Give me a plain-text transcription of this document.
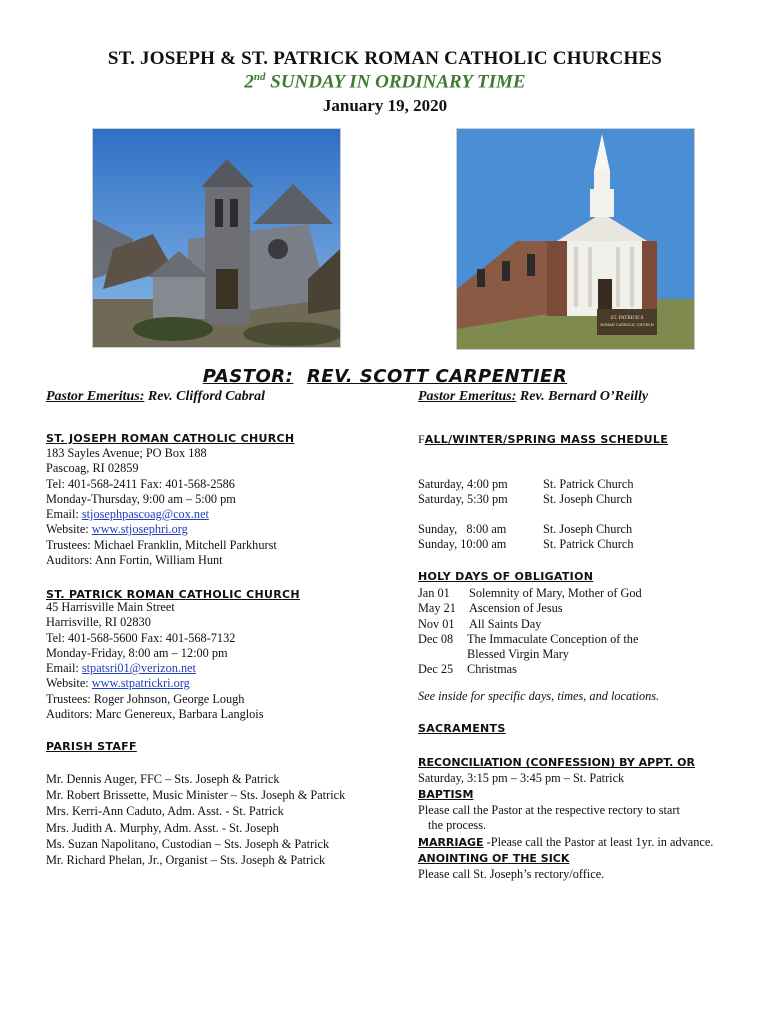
ST. JOSEPH & ST. PATRICK ROMAN CATHOLIC CHURCHES
2nd SUNDAY IN ORDINARY TIME
January 19, 2020
ST. PATRICK'S
ROMAN CATHOLIC CHURCH
PASTOR: REV. SCOTT CARPENTIER
Pastor Emeritus: Rev. Clifford Cabral	Pastor Emeritus: Rev. Bernard O’Reilly
ST. JOSEPH ROMAN CATHOLIC CHURCH
183 Sayles Avenue; PO Box 188
Pascoag, RI 02859
Tel: 401-568-2411 Fax: 401-568-2586
Monday-Thursday, 9:00 am – 5:00 pm
Email: stjosephpascoag@cox.net
Website: www.stjosephri.org
Trustees: Michael Franklin, Mitchell Parkhurst
Auditors: Ann Fortin, William Hunt
ST. PATRICK ROMAN CATHOLIC CHURCH
45 Harrisville Main Street
Harrisville, RI 02830
Tel: 401-568-5600 Fax: 401-568-7132
Monday-Friday, 8:00 am – 12:00 pm
Email: stpatsri01@verizon.net
Website: www.stpatrickri.org
Trustees: Roger Johnson, George Lough
Auditors: Marc Genereux, Barbara Langlois
PARISH STAFF
Mr. Dennis Auger, FFC – Sts. Joseph & Patrick
Mr. Robert Brissette, Music Minister – Sts. Joseph & Patrick
Mrs. Kerri-Ann Caduto, Adm. Asst. - St. Patrick
Mrs. Judith A. Murphy, Adm. Asst. - St. Joseph
Ms. Suzan Napolitano, Custodian – Sts. Joseph & Patrick
Mr. Richard Phelan, Jr., Organist – Sts. Joseph & Patrick
FALL/WINTER/SPRING MASS SCHEDULE
Saturday, 4:00 pm	St. Patrick Church
Saturday, 5:30 pm	St. Joseph Church
Sunday,   8:00 am	St. Joseph Church
Sunday, 10:00 am	St. Patrick Church
HOLY DAYS OF OBLIGATION
Jan 01	Solemnity of Mary, Mother of God
May 21	Ascension of Jesus
Nov 01	All Saints Day
Dec 08	The Immaculate Conception of the
Blessed Virgin Mary
Dec 25	Christmas
See inside for specific days, times, and locations.
SACRAMENTS
RECONCILIATION (CONFESSION) BY APPT. OR
Saturday, 3:15 pm – 3:45 pm – St. Patrick
BAPTISM
Please call the Pastor at the respective rectory to start
the process.
MARRIAGE -Please call the Pastor at least 1yr. in advance.
ANOINTING OF THE SICK
Please call St. Joseph’s rectory/office.
